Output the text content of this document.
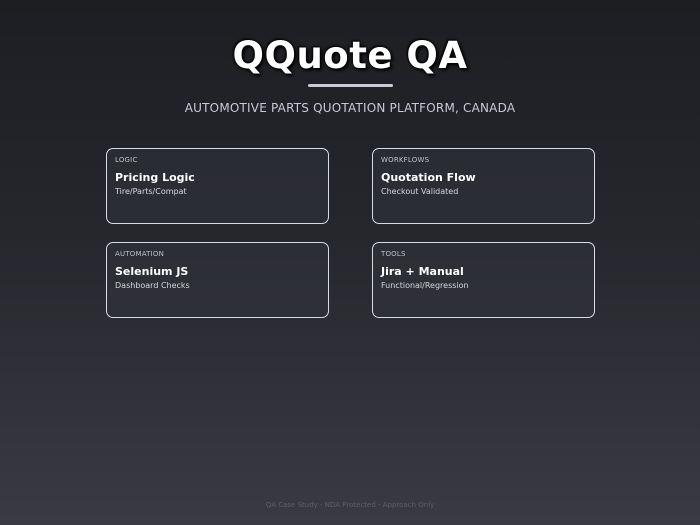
QQuote QA
AUTOMOTIVE PARTS QUOTATION PLATFORM, CANADA
LOGIC
Pricing Logic
Tire/Parts/Compat
WORKFLOWS
Quotation Flow
Checkout Validated
AUTOMATION
Selenium JS
Dashboard Checks
TOOLS
Jira + Manual
Functional/Regression
QA Case Study - NDA Protected - Approach Only
